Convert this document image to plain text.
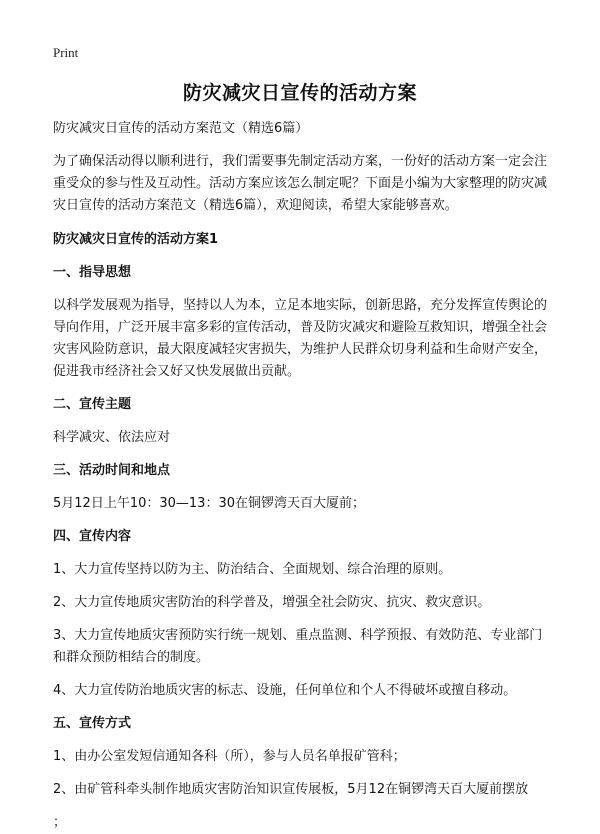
Print
防灾减灾日宣传的活动方案

防灾减灾日宣传的活动方案范文（精选6篇）

为了确保活动得以顺利进行，我们需要事先制定活动方案，一份好的活动方案一定会注重受众的参与性及互动性。活动方案应该怎么制定呢？下面是小编为大家整理的防灾减灾日宣传的活动方案范文（精选6篇），欢迎阅读，希望大家能够喜欢。

防灾减灾日宣传的活动方案1

一、指导思想

以科学发展观为指导，坚持以人为本，立足本地实际，创新思路，充分发挥宣传舆论的导向作用，广泛开展丰富多彩的宣传活动，普及防灾减灾和避险互救知识，增强全社会灾害风险防意识，最大限度减轻灾害损失，为维护人民群众切身利益和生命财产安全，促进我市经济社会又好又快发展做出贡献。

二、宣传主题

科学减灾、依法应对

三、活动时间和地点

5月12日上午10：30—13：30在铜锣湾天百大厦前；

四、宣传内容

1、大力宣传坚持以防为主、防治结合、全面规划、综合治理的原则。

2、大力宣传地质灾害防治的科学普及，增强全社会防灾、抗灾、救灾意识。

3、大力宣传地质灾害预防实行统一规划、重点监测、科学预报、有效防范、专业部门和群众预防相结合的制度。

4、大力宣传防治地质灾害的标志、设施，任何单位和个人不得破坏或擅自移动。

五、宣传方式

1、由办公室发短信通知各科（所），参与人员名单报矿管科；

2、由矿管科牵头制作地质灾害防治知识宣传展板，5月12在铜锣湾天百大厦前摆放

；
